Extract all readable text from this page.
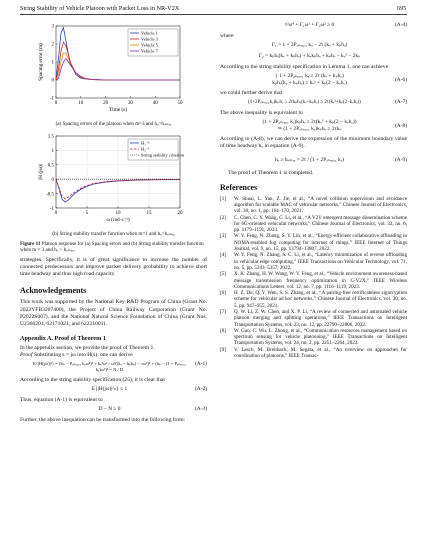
String Stability of Vehicle Platoon with Packet Loss in NR-V2X	695
0	10	20	30	40	50
-1
0
1
2
3
Time (s)
Spacing error (m)
Vehicle 1
Vehicle 3
Vehicle 5
Vehicle 7

(a) Spacing errors of the platoon when m=3 and hₒ>hₒₘₐₓ

0	5	10	15	20
-1
-0.5
0
0.5
1
1.5
ω (rad·s⁻¹)
|H (jω)|
H₁⁻¹
H₂⁻¹
String stability criterion

(b) String stability transfer function when m=1 and hₒ>hₒₘₐₓ

Figure 11 Platoon response for (a) Spacing errors and (b) String stability transfer function when m = 3 and hₒ > hₒₘₐₓ.

strategies. Specifically, it is of great significance to increase the number of connected predecessors and improve packet delivery probability to achieve short time headway and thus high road capacity.

Acknowledgements

This work was supported by the National Key R&D Program of China (Grant No. 2022YFB3207400), the Project of China Railway Corporation (Grant No. P2022S007), and the National Natural Science Foundation of China (Grant Nos. U2368201, 62171021, and 62221001).

Appendix A. Proof of Theorem 1

In the appendix section, we provide the proof of Theorem 1.

Proof Substituting s = jω into H(s), one can derive

E{|H(jω)|²} = (kₚ − Pₐₙₑ₅ₒ₁ kₐω²)² + kᵥ²ω² / ω²((kᵥ + kₚhₒ) − τω²)² + (kₚ − (1 + Pₐₙₑ₅ₒ₁ kₐ)ω²)² = N / D
(A-1)

According to the string stability specification (25), it is clear that

E{|H(jω)|²ₙ} ≤ 1	(A-2)

Thus, equation (A-1) is equivalent to

D − N ≥ 0	(A-3)

Further, the above inequation can be transformed into the following form:

τ²ω⁴ + Γ₁ω² + Γ₂ω² ≥ 0	(A-4)

where

Γ₁ = 1 + 2Pₐₙₑ₅ₒ₁ kₐ − 2τ (kᵥ + kₚhₒ)
Γ₂ = kₚhₒ(kᵥ + kₚhₒ) + kᵥkₚhₒ + kₚhₒ − kᵥ² − 2kₚ

According to the string stability specification in Lemma 1, one can achieve

{ 1 + 2Pₐₙₑ₅ₒ₁ kₐ ≥ 2τ (kᵥ + kₚhₒ)
kₚhₒ(kᵥ + kₚhₒ) ≥ kᵥ² + kₚ(2 − kᵥhₒ)	(A-6)

we could further derive that

(1+2Pₐₙₑ₅ₒ₁kₐ)kₚhₒ ≥ 2τkₚhₒ(kᵥ+kₚhₒ) ≥ 2τ(kᵥ²+kₚ(2−kᵥhₒ))	(A-7)

The above inequality is equivalent to

(1 + 2Pₐₙₑ₅ₒ₁ kₐ)kₚhₒ ≥ 2τ(kᵥ² + kₚ(2 − kᵥhₒ))
⇒ (1 + 2Pₐₙₑ₅ₒ₁ kₐ)kₚhₒ ≥ 2τkₚ	(A-8)

According to (A-8), we can derive the expression of the minimum boundary value of time headway hₒ in equation (A-9).

hₒ ≥ hₒₘₐₓ = 2τ / (1 + 2Pₐₙₑ₅ₒ₁ kₐ)	(A-9)

The proof of Theorem 1 is completed.

References

[1] W. Shuai, L. Yan, Z. Jie, et al., “A novel collision supervision and avoidance algorithm for scalable MAC of vehicular networks,” Chinese Journal of Electronics, vol. 30, no. 1, pp. 164–170, 2021.

[2] C. Chen, C. Y. Wang, C. Li, et al., “A V2V emergent message dissemination scheme for 6G-oriented vehicular networks,” Chinese Journal of Electronics, vol. 32, no. 6, pp. 1179–1191, 2023.

[3] W. Y. Feng, N. Zhang, S. Y. Lin, et al., “Energy-efficient collaborative offloading in NOMA-enabled fog computing for internet of things,” IEEE Internet of Things Journal, vol. 9, no. 15, pp. 13794–13807, 2022.

[4] W. Y. Feng, N. Zhang, S. C. Li, et al., “Latency minimization of reverse offloading in vehicular edge computing,” IEEE Transactions on Vehicular Technology, vol. 71, no. 5, pp. 5343–5357, 2022.

[5] X. K. Zhang, H. W. Wang, W. Y. Feng, et al., “Vehicle environment awareness-based message transmission frequency optimization in C-V2X,” IEEE Wireless Communications Letters, vol. 12, no. 7, pp. 1116–1119, 2023.

[6] H. Z. Du, Q. Y. Wen, S. S. Zhang, et al., “A pairing-free certificateless signcryption scheme for vehicular ad hoc networks,” Chinese Journal of Electronics, vol. 30, no. 5, pp. 947–955, 2021.

[7] Q. W. Li, Z. W. Chen, and X. P. Li, “A review of connected and automated vehicle platoon merging and splitting operations,” IEEE Transactions on Intelligent Transportation Systems, vol. 23, no. 12, pp. 22790–22806, 2022.

[8] W. Gao, C. Wu, L. Zhong, et al., “Communication resources management based on spectrum sensing for vehicle platooning,” IEEE Transactions on Intelligent Transportation Systems, vol. 24, no. 2, pp. 2251–2264, 2023.

[9] V. Lesch, M. Breitbach, M. Segata, et al., “An overview on approaches for coordination of platoons,” IEEE Transac-
